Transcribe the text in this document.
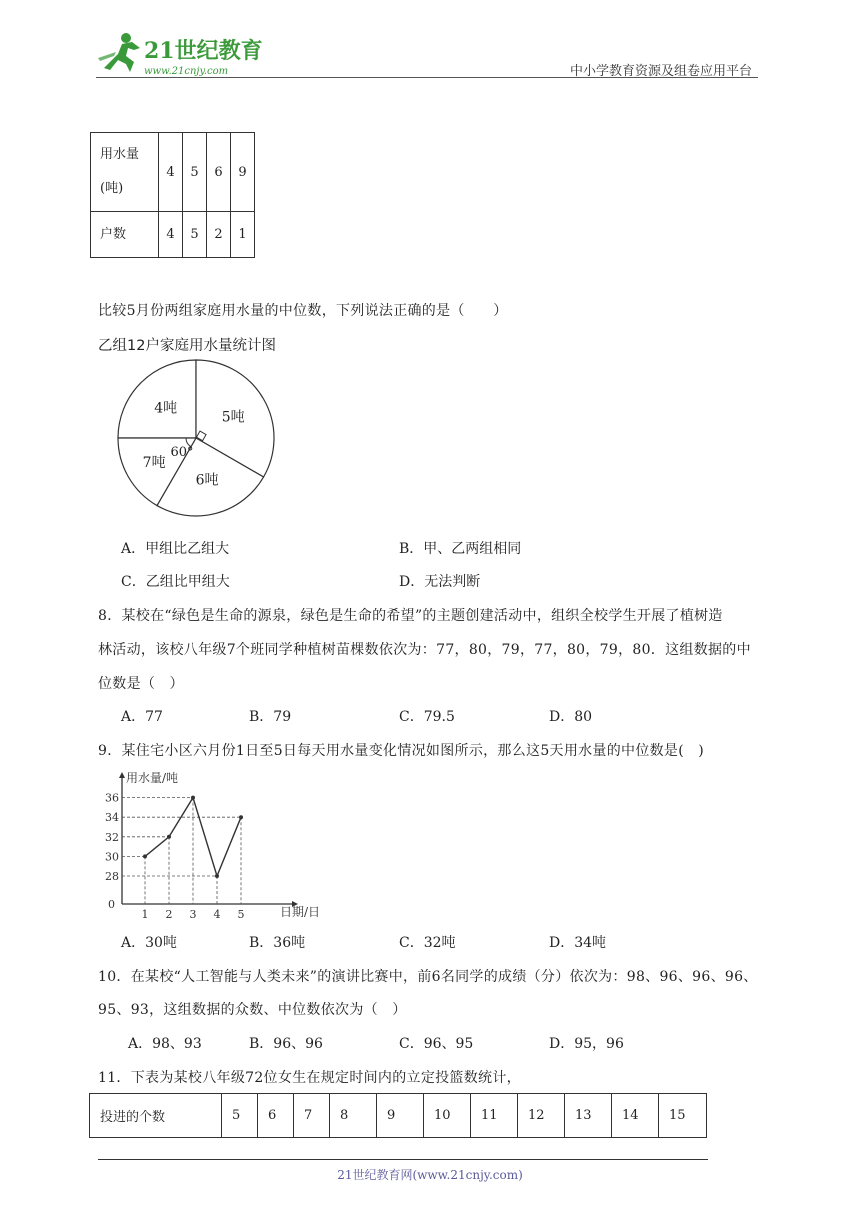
21世纪教育
www.21cnjy.com	中小学教育资源及组卷应用平台
用水量(吨)	4	5	6	9
户数	4	5	2	1
比较5月份两组家庭用水量的中位数，下列说法正确的是（　　）
乙组12户家庭用水量统计图
4吨
5吨
6吨
7吨
60°
A．甲组比乙组大	B．甲、乙两组相同
C．乙组比甲组大	D．无法判断
8．某校在“绿色是生命的源泉，绿色是生命的希望”的主题创建活动中，组织全校学生开展了植树造
林活动，该校八年级7个班同学种植树苗棵数依次为：77，80，79，77，80，79，80．这组数据的中
位数是（　）
A．77	B．79	C．79.5	D．80
9．某住宅小区六月份1日至5日每天用水量变化情况如图所示，那么这5天用水量的中位数是(　)
用水量/吨
日期/日
0
28
30
32
34
36
1 2 3 4 5
A．30吨	B．36吨	C．32吨	D．34吨
10．在某校“人工智能与人类未来”的演讲比赛中，前6名同学的成绩（分）依次为：98、96、96、96、
95、93，这组数据的众数、中位数依次为（　）
A．98、93	B．96、96	C．96、95	D．95，96
11．下表为某校八年级72位女生在规定时间内的立定投篮数统计，
投进的个数	5	6	7	8	9	10	11	12	13	14	15
21世纪教育网(www.21cnjy.com)
